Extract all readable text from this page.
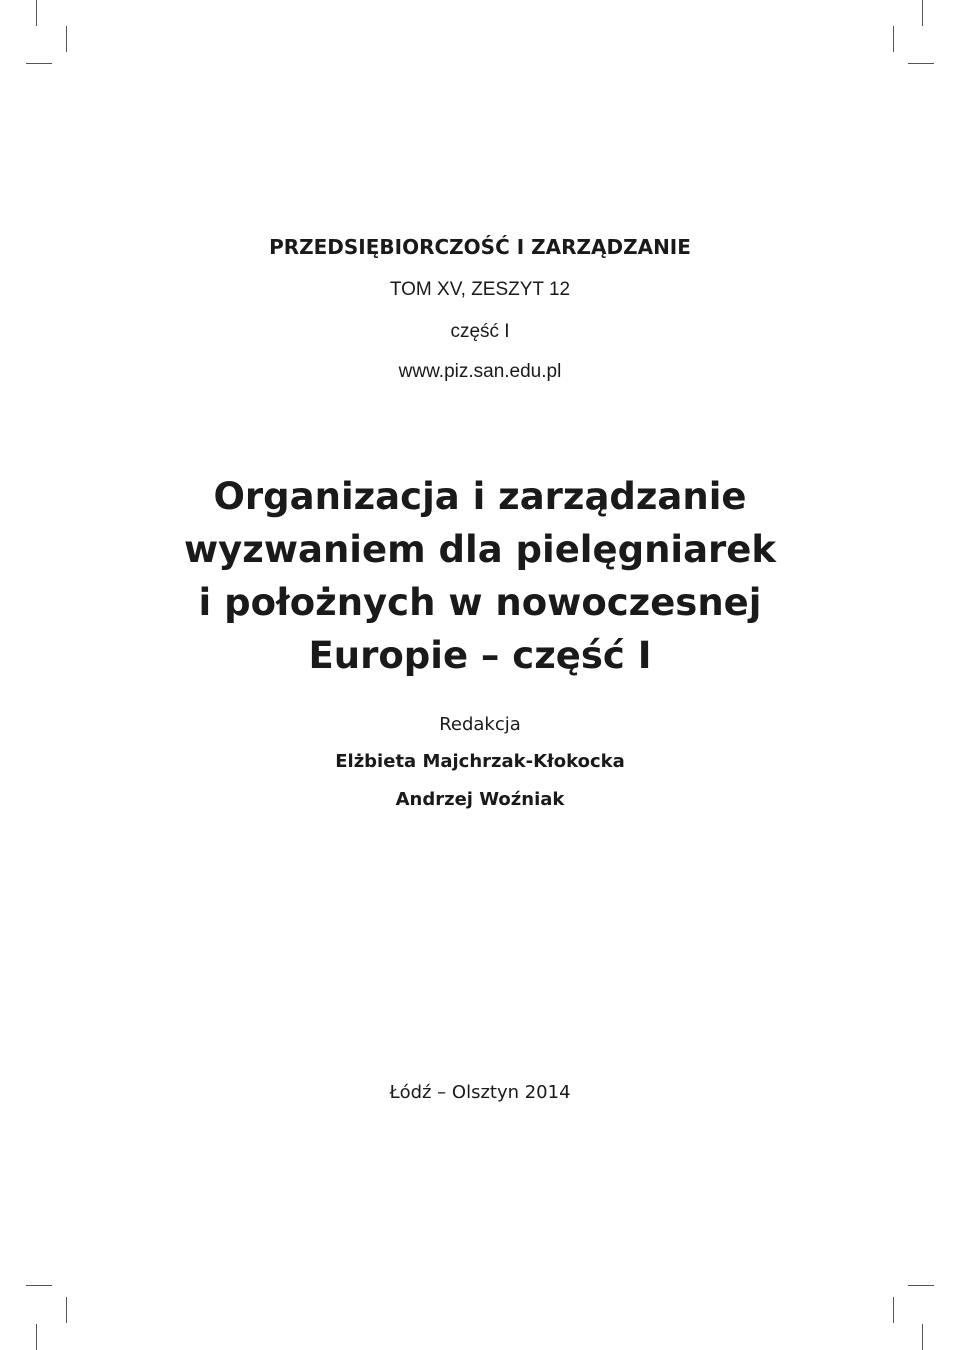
PRZEDSIĘBIORCZOŚĆ I ZARZĄDZANIE
TOM XV, ZESZYT 12
część I
www.piz.san.edu.pl
Organizacja i zarządzanie
wyzwaniem dla pielęgniarek
i położnych w nowoczesnej
Europie – część I
Redakcja
Elżbieta Majchrzak-Kłokocka
Andrzej Woźniak
Łódź – Olsztyn 2014
